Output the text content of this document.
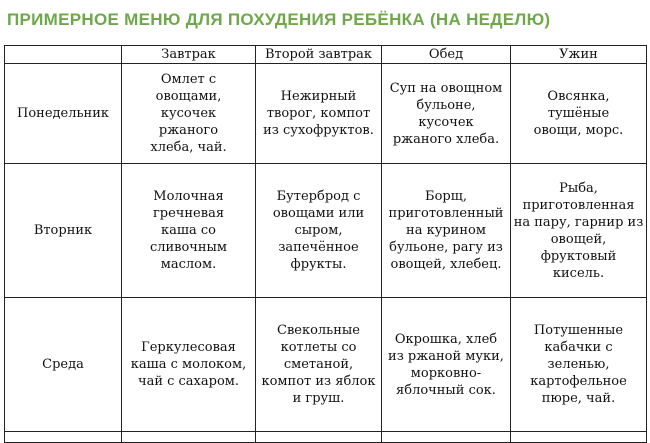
ПРИМЕРНОЕ МЕНЮ ДЛЯ ПОХУДЕНИЯ РЕБЁНКА (НА НЕДЕЛЮ)
	Завтрак	Второй завтрак	Обед	Ужин
Понедельник	Омлет с овощами, кусочек ржаного хлеба, чай.	Нежирный творог, компот из сухофруктов.	Суп на овощном бульоне, кусочек ржаного хлеба.	Овсянка, тушёные овощи, морс.
Вторник	Молочная гречневая каша со сливочным маслом.	Бутерброд с овощами или сыром, запечённое фрукты.	Борщ, приготовленный на курином бульоне, рагу из овощей, хлебец.	Рыба, приготовленная на пару, гарнир из овощей, фруктовый кисель.
Среда	Геркулесовая каша с молоком, чай с сахаром.	Свекольные котлеты со сметаной, компот из яблок и груш.	Окрошка, хлеб из ржаной муки, морковно-яблочный сок.	Потушенные кабачки с зеленью, картофельное пюре, чай.
